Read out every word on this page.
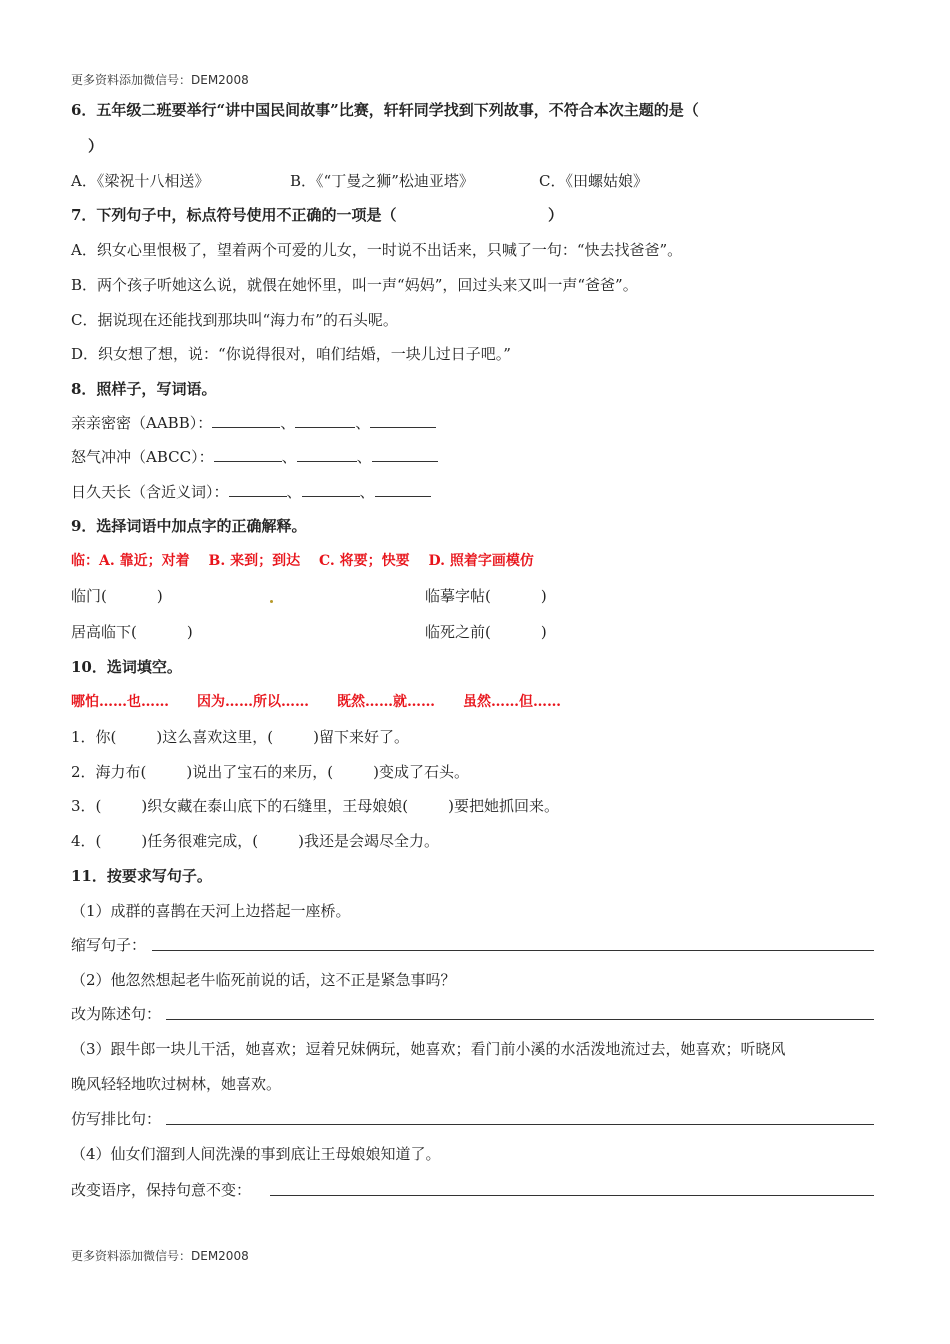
更多资料添加微信号：DEM2008
6．五年级二班要举行“讲中国民间故事”比赛，轩轩同学找到下列故事，不符合本次主题的是（
）
A．《梁祝十八相送》	B．《“丁曼之狮”松迪亚塔》	C．《田螺姑娘》
7．下列句子中，标点符号使用不正确的一项是（	）
A．织女心里恨极了，望着两个可爱的儿女，一时说不出话来，只喊了一句：“快去找爸爸”。
B．两个孩子听她这么说，就偎在她怀里，叫一声“妈妈”，回过头来又叫一声“爸爸”。
C．据说现在还能找到那块叫“海力布”的石头呢。
D．织女想了想，说：“你说得很对，咱们结婚，一块儿过日子吧。”
8．照样子，写词语。
亲亲密密（AABB）：	、	、
怒气冲冲（ABCC）：	、	、
日久天长（含近义词）：	、	、
9．选择词语中加点字的正确解释。
临：A. 靠近；对着　 B. 来到；到达　 C. 将要；快要　 D. 照着字画模仿
临门(	)	临摹字帖(	)
居高临下(	)	临死之前(	)
10．选词填空。
哪怕……也……　　因为……所以……　　既然……就……　　虽然……但……
1．你(	)这么喜欢这里，(	)留下来好了。
2．海力布(	)说出了宝石的来历，(	)变成了石头。
3．(	)织女藏在泰山底下的石缝里，王母娘娘(	)要把她抓回来。
4．(	)任务很难完成，(	)我还是会竭尽全力。
11．按要求写句子。
（1）成群的喜鹊在天河上边搭起一座桥。
缩写句子：
（2）他忽然想起老牛临死前说的话，这不正是紧急事吗？
改为陈述句：
（3）跟牛郎一块儿干活，她喜欢；逗着兄妹俩玩，她喜欢；看门前小溪的水活泼地流过去，她喜欢；听晓风
晚风轻轻地吹过树林，她喜欢。
仿写排比句：
（4）仙女们溜到人间洗澡的事到底让王母娘娘知道了。
改变语序，保持句意不变：
更多资料添加微信号：DEM2008
